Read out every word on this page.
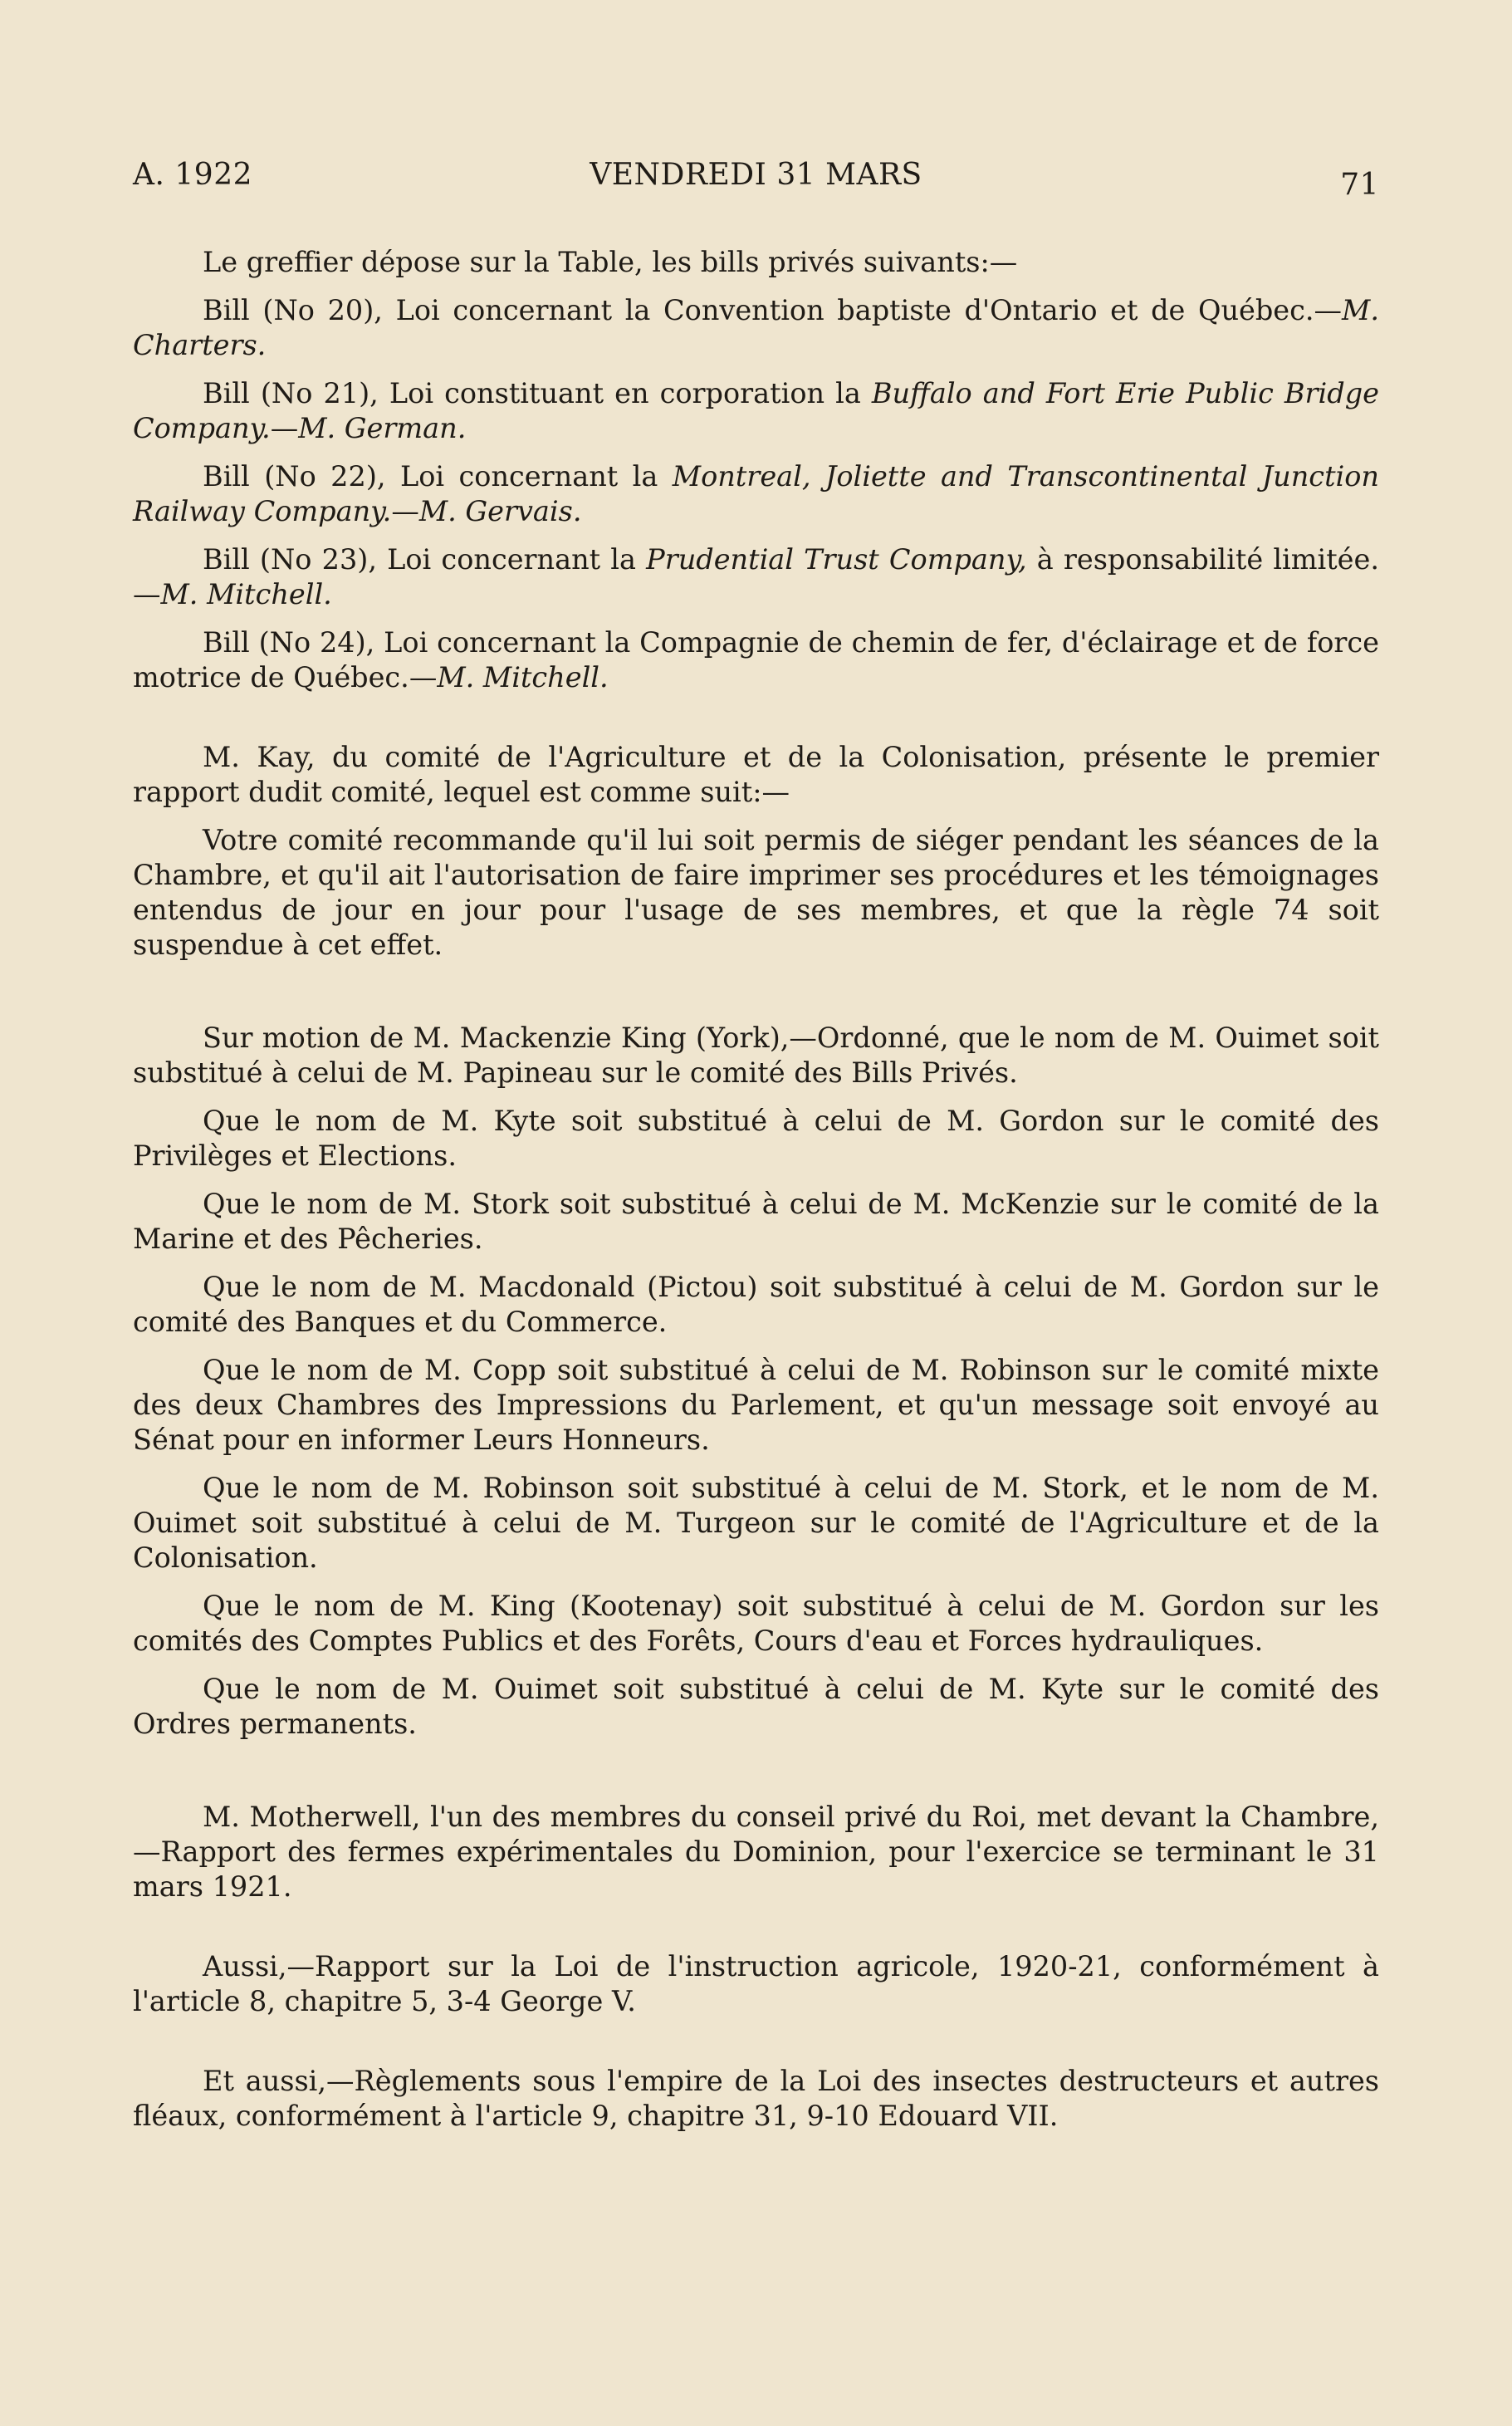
A. 1922	VENDREDI 31 MARS	71

Le greffier dépose sur la Table, les bills privés suivants:—

Bill (No 20), Loi concernant la Convention baptiste d'Ontario et de Québec.—M. Charters.

Bill (No 21), Loi constituant en corporation la Buffalo and Fort Erie Public Bridge Company.—M. German.

Bill (No 22), Loi concernant la Montreal, Joliette and Transcontinental Junction Railway Company.—M. Gervais.

Bill (No 23), Loi concernant la Prudential Trust Company, à responsabilité limitée.—M. Mitchell.

Bill (No 24), Loi concernant la Compagnie de chemin de fer, d'éclairage et de force motrice de Québec.—M. Mitchell.

M. Kay, du comité de l'Agriculture et de la Colonisation, présente le premier rapport dudit comité, lequel est comme suit:—

Votre comité recommande qu'il lui soit permis de siéger pendant les séances de la Chambre, et qu'il ait l'autorisation de faire imprimer ses procédures et les témoignages entendus de jour en jour pour l'usage de ses membres, et que la règle 74 soit suspendue à cet effet.

Sur motion de M. Mackenzie King (York),—Ordonné, que le nom de M. Ouimet soit substitué à celui de M. Papineau sur le comité des Bills Privés.

Que le nom de M. Kyte soit substitué à celui de M. Gordon sur le comité des Privilèges et Elections.

Que le nom de M. Stork soit substitué à celui de M. McKenzie sur le comité de la Marine et des Pêcheries.

Que le nom de M. Macdonald (Pictou) soit substitué à celui de M. Gordon sur le comité des Banques et du Commerce.

Que le nom de M. Copp soit substitué à celui de M. Robinson sur le comité mixte des deux Chambres des Impressions du Parlement, et qu'un message soit envoyé au Sénat pour en informer Leurs Honneurs.

Que le nom de M. Robinson soit substitué à celui de M. Stork, et le nom de M. Ouimet soit substitué à celui de M. Turgeon sur le comité de l'Agriculture et de la Colonisation.

Que le nom de M. King (Kootenay) soit substitué à celui de M. Gordon sur les comités des Comptes Publics et des Forêts, Cours d'eau et Forces hydrauliques.

Que le nom de M. Ouimet soit substitué à celui de M. Kyte sur le comité des Ordres permanents.

M. Motherwell, l'un des membres du conseil privé du Roi, met devant la Chambre, —Rapport des fermes expérimentales du Dominion, pour l'exercice se terminant le 31 mars 1921.

Aussi,—Rapport sur la Loi de l'instruction agricole, 1920-21, conformément à l'article 8, chapitre 5, 3-4 George V.

Et aussi,—Règlements sous l'empire de la Loi des insectes destructeurs et autres fléaux, conformément à l'article 9, chapitre 31, 9-10 Edouard VII.
